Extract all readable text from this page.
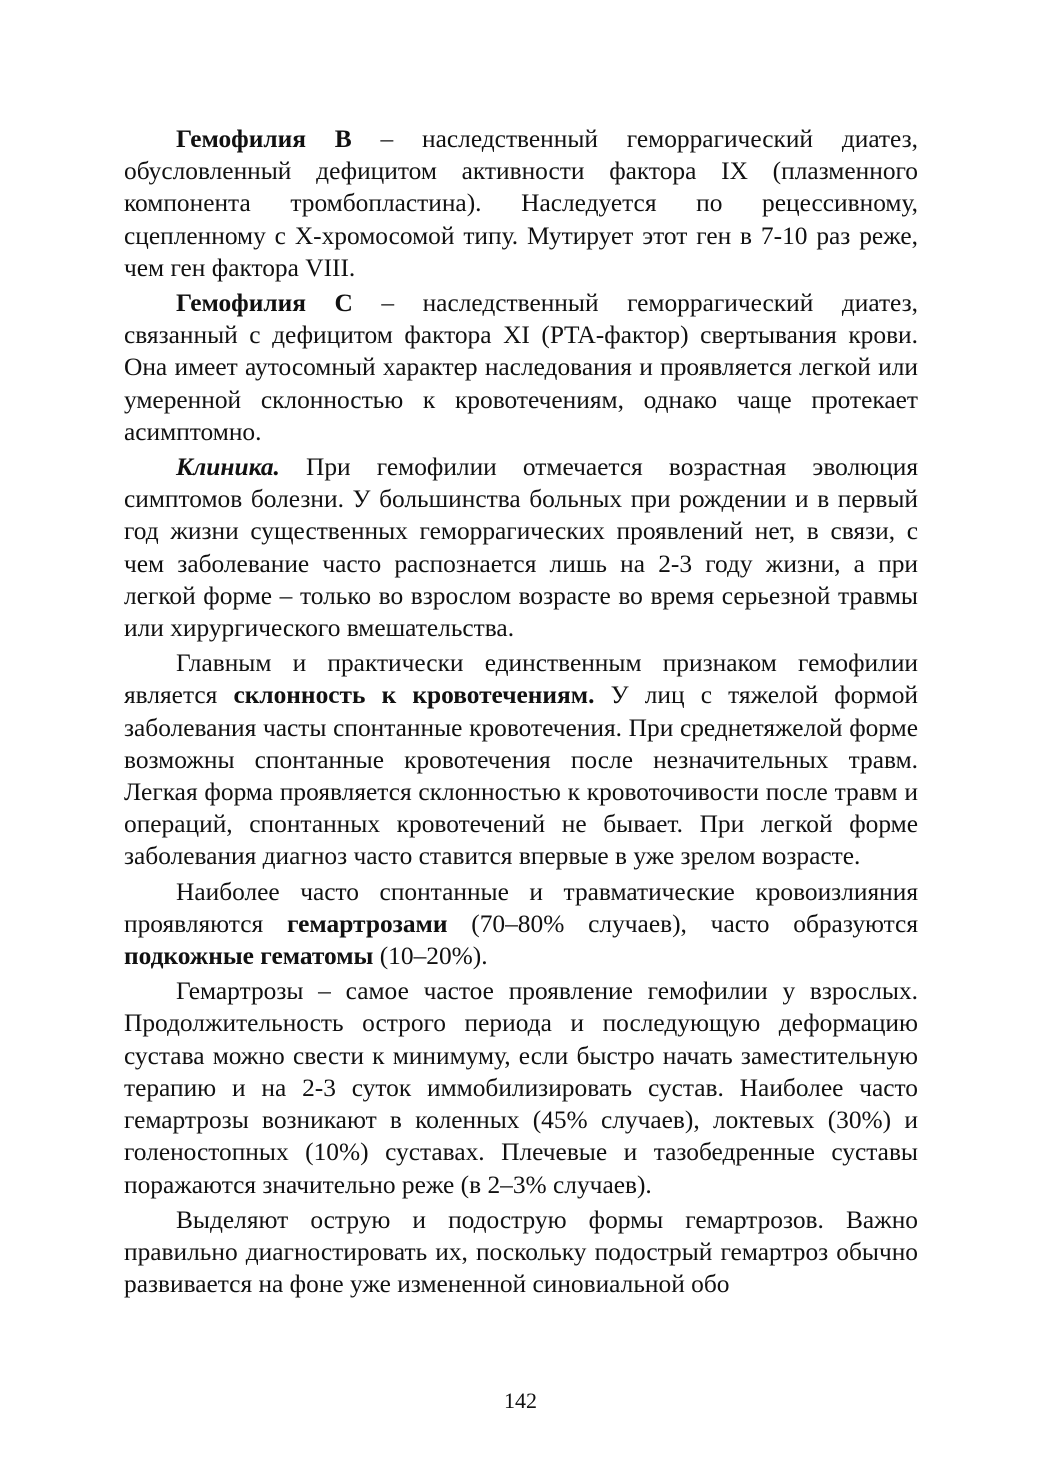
Гемофилия В – наследственный геморрагический диатез, обусловленный дефицитом активности фактора IX (плазменного компонента тромбопластина). Наследуется по рецессивному, сцепленному с Х-хромосомой типу. Мутирует этот ген в 7-10 раз реже, чем ген фактора VIII.

Гемофилия С – наследственный геморрагический диатез, связанный с дефицитом фактора XI (PTA-фактор) свертывания крови. Она имеет аутосомный характер наследования и проявляется легкой или умеренной склонностью к кровотечениям, однако чаще протекает асимптомно.

Клиника. При гемофилии отмечается возрастная эволюция симптомов болезни. У большинства больных при рождении и в первый год жизни существенных геморрагических проявлений нет, в связи, с чем заболевание часто распознается лишь на 2-3 году жизни, а при легкой форме – только во взрослом возрасте во время серьезной травмы или хирургического вмешательства.

Главным и практически единственным признаком гемофилии является склонность к кровотечениям. У лиц с тяжелой формой заболевания часты спонтанные кровотечения. При среднетяжелой форме возможны спонтанные кровотечения после незначительных травм. Легкая форма проявляется склонностью к кровоточивости после травм и операций, спонтанных кровотечений не бывает. При легкой форме заболевания диагноз часто ставится впервые в уже зрелом возрасте.

Наиболее часто спонтанные и травматические кровоизлияния проявляются гемартрозами (70–80% случаев), часто образуются подкожные гематомы (10–20%).

Гемартрозы – самое частое проявление гемофилии у взрослых. Продолжительность острого периода и последующую деформацию сустава можно свести к минимуму, если быстро начать заместительную терапию и на 2-3 суток иммобилизировать сустав. Наиболее часто гемартрозы возникают в коленных (45% случаев), локтевых (30%) и голеностопных (10%) суставах. Плечевые и тазобедренные суставы поражаются значительно реже (в 2–3% случаев).

Выделяют острую и подострую формы гемартрозов. Важно правильно диагностировать их, поскольку подострый гемартроз обычно развивается на фоне уже измененной синовиальной обо

142
